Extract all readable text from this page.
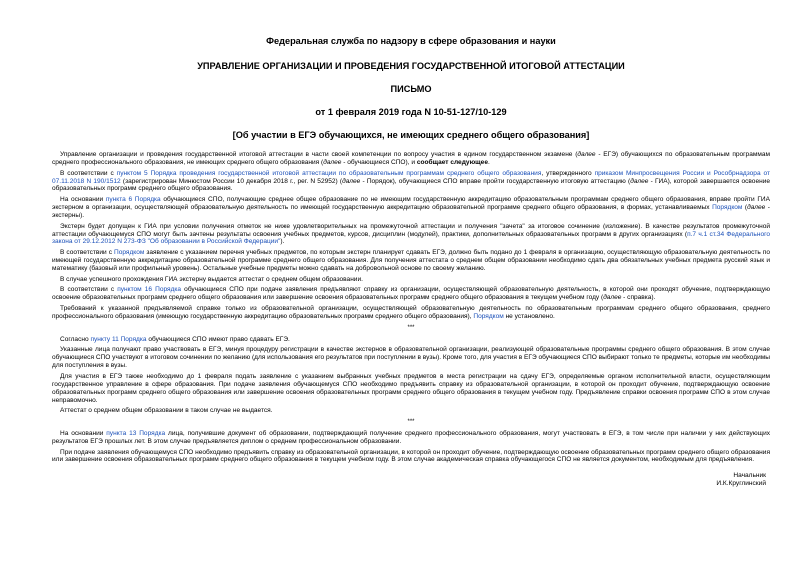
Федеральная служба по надзору в сфере образования и науки
УПРАВЛЕНИЕ ОРГАНИЗАЦИИ И ПРОВЕДЕНИЯ ГОСУДАРСТВЕННОЙ ИТОГОВОЙ АТТЕСТАЦИИ
ПИСЬМО
от 1 февраля 2019 года N 10-51-127/10-129
[Об участии в ЕГЭ обучающихся, не имеющих среднего общего образования]

Управление организации и проведения государственной итоговой аттестации в части своей компетенции по вопросу участия в едином государственном экзамене (далее - ЕГЭ) обучающихся по образовательным программам среднего профессионального образования, не имеющих среднего общего образования (далее - обучающиеся СПО), и сообщает следующее.

В соответствии с пунктом 5 Порядка проведения государственной итоговой аттестации по образовательным программам среднего общего образования, утвержденного приказом Минпросвещения России и Рособрнадзора от 07.11.2018 N 190/1512 (зарегистрирован Минюстом России 10 декабря 2018 г., рег. N 52952) (далее - Порядок), обучающиеся СПО вправе пройти государственную итоговую аттестацию (далее - ГИА), которой завершается освоение образовательных программ среднего общего образования.

На основании пункта 6 Порядка обучающиеся СПО, получающие среднее общее образование по не имеющим государственную аккредитацию образовательным программам среднего общего образования, вправе пройти ГИА экстерном в организации, осуществляющей образовательную деятельность по имеющей государственную аккредитацию образовательной программе среднего общего образования, в формах, устанавливаемых Порядком (далее - экстерны).

Экстерн будет допущен к ГИА при условии получения отметок не ниже удовлетворительных на промежуточной аттестации и получения "зачета" за итоговое сочинение (изложение). В качестве результатов промежуточной аттестации обучающемуся СПО могут быть зачтены результаты освоения учебных предметов, курсов, дисциплин (модулей), практики, дополнительных образовательных программ в других организациях (п.7 ч.1 ст.34 Федерального закона от 29.12.2012 N 273-ФЗ "Об образовании в Российской Федерации").

В соответствии с Порядком заявление с указанием перечня учебных предметов, по которым экстерн планирует сдавать ЕГЭ, должно быть подано до 1 февраля в организацию, осуществляющую образовательную деятельность по имеющей государственную аккредитацию образовательной программе среднего общего образования. Для получения аттестата о среднем общем образовании необходимо сдать два обязательных учебных предмета русский язык и математику (базовый или профильный уровень). Остальные учебные предметы можно сдавать на добровольной основе по своему желанию.

В случае успешного прохождения ГИА экстерну выдается аттестат о среднем общем образовании.

В соответствии с пунктом 16 Порядка обучающиеся СПО при подаче заявления предъявляют справку из организации, осуществляющей образовательную деятельность, в которой они проходят обучение, подтверждающую освоение образовательных программ среднего общего образования или завершение освоения образовательных программ среднего общего образования в текущем учебном году (далее - справка).

Требований к указанной предъявляемой справке только из образовательной организации, осуществляющей образовательную деятельность по образовательным программам среднего общего образования, среднего профессионального образования (имеющую государственную аккредитацию образовательных программ среднего общего образования), Порядком не установлено.

***

Согласно пункту 11 Порядка обучающиеся СПО имеют право сдавать ЕГЭ.

Указанные лица получают право участвовать в ЕГЭ, минуя процедуру регистрации в качестве экстернов в образовательной организации, реализующей образовательные программы среднего общего образования. В этом случае обучающиеся СПО участвуют в итоговом сочинении по желанию (для использования его результатов при поступлении в вузы). Кроме того, для участия в ЕГЭ обучающиеся СПО выбирают только те предметы, которые им необходимы для поступления в вузы.

Для участия в ЕГЭ также необходимо до 1 февраля подать заявление с указанием выбранных учебных предметов в места регистрации на сдачу ЕГЭ, определяемые органом исполнительной власти, осуществляющим государственное управление в сфере образования. При подаче заявления обучающемуся СПО необходимо предъявить справку из образовательной организации, в которой он проходит обучение, подтверждающую освоение образовательных программ среднего общего образования или завершение освоения образовательных программ среднего общего образования в текущем учебном году. Предъявление справки освоения программ СПО в этом случае неправомочно.

Аттестат о среднем общем образовании в таком случае не выдается.

***

На основании пункта 13 Порядка лица, получившие документ об образовании, подтверждающий получение среднего профессионального образования, могут участвовать в ЕГЭ, в том числе при наличии у них действующих результатов ЕГЭ прошлых лет. В этом случае предъявляется диплом о среднем профессиональном образовании.

При подаче заявления обучающемуся СПО необходимо предъявить справку из образовательной организации, в которой он проходит обучение, подтверждающую освоение образовательных программ среднего общего образования или завершение освоения образовательных программ среднего общего образования в текущем учебном году. В этом случае академическая справка обучающегося СПО не является документом, необходимым для предъявления.

Начальник
И.К.Круглинский
